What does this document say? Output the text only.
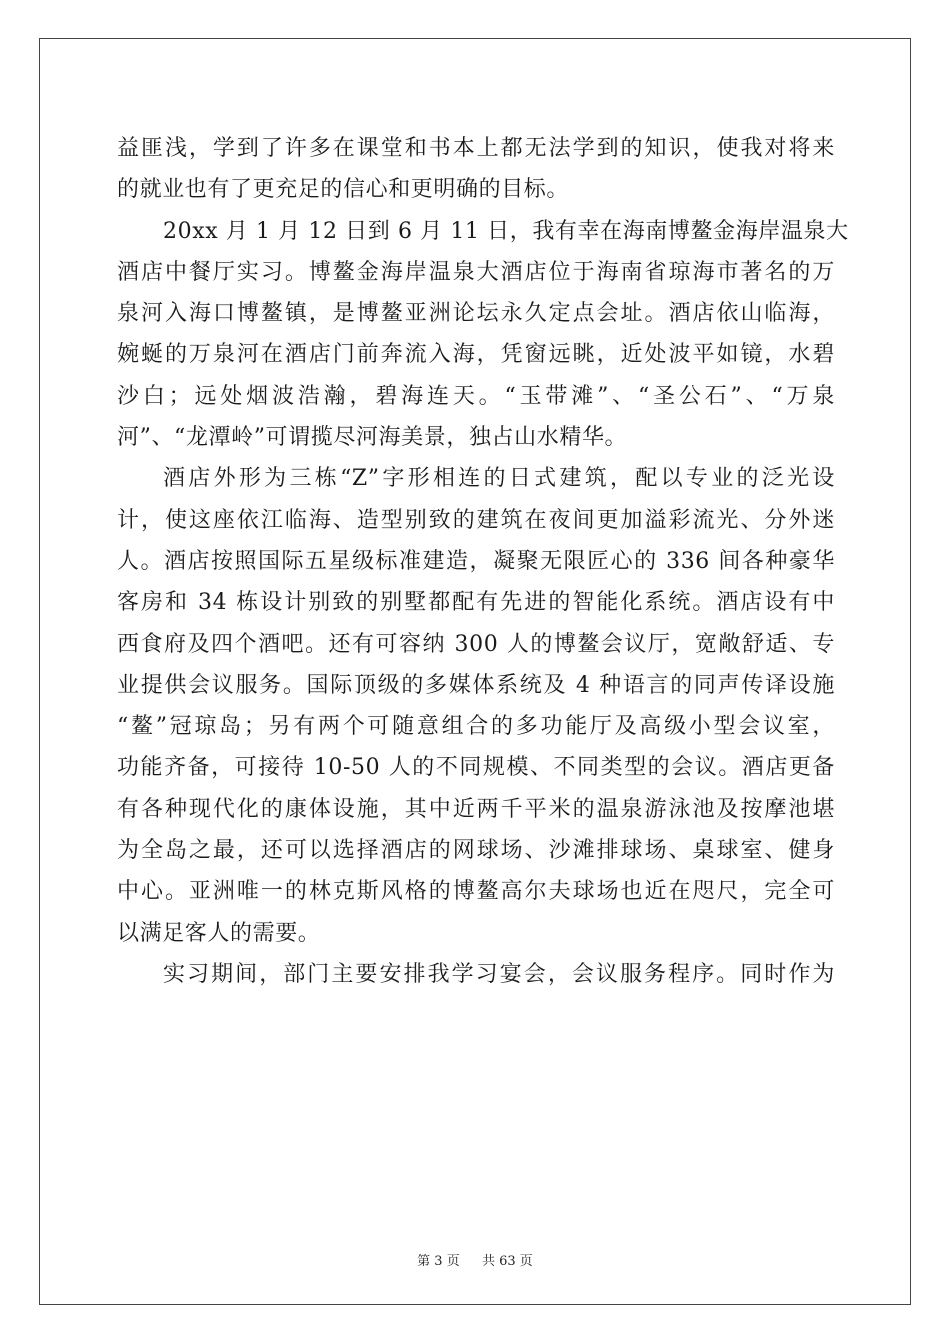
益匪浅，学到了许多在课堂和书本上都无法学到的知识，使我对将来
的就业也有了更充足的信心和更明确的目标。
20xx 月 1 月 12 日到 6 月 11 日，我有幸在海南博鳌金海岸温泉大
酒店中餐厅实习。博鳌金海岸温泉大酒店位于海南省琼海市著名的万
泉河入海口博鳌镇，是博鳌亚洲论坛永久定点会址。酒店依山临海，
婉蜒的万泉河在酒店门前奔流入海，凭窗远眺，近处波平如镜，水碧
沙白；远处烟波浩瀚，碧海连天。“玉带滩”、“圣公石”、“万泉
河”、“龙潭岭”可谓揽尽河海美景，独占山水精华。
酒店外形为三栋“Z”字形相连的日式建筑，配以专业的泛光设
计，使这座依江临海、造型别致的建筑在夜间更加溢彩流光、分外迷
人。酒店按照国际五星级标准建造，凝聚无限匠心的 336 间各种豪华
客房和 34 栋设计别致的别墅都配有先进的智能化系统。酒店设有中
西食府及四个酒吧。还有可容纳 300 人的博鳌会议厅，宽敞舒适、专
业提供会议服务。国际顶级的多媒体系统及 4 种语言的同声传译设施
“鳌”冠琼岛；另有两个可随意组合的多功能厅及高级小型会议室，
功能齐备，可接待 10-50 人的不同规模、不同类型的会议。酒店更备
有各种现代化的康体设施，其中近两千平米的温泉游泳池及按摩池堪
为全岛之最，还可以选择酒店的网球场、沙滩排球场、桌球室、健身
中心。亚洲唯一的林克斯风格的博鳌高尔夫球场也近在咫尺，完全可
以满足客人的需要。
实习期间，部门主要安排我学习宴会，会议服务程序。同时作为
第 3 页 共 63 页
